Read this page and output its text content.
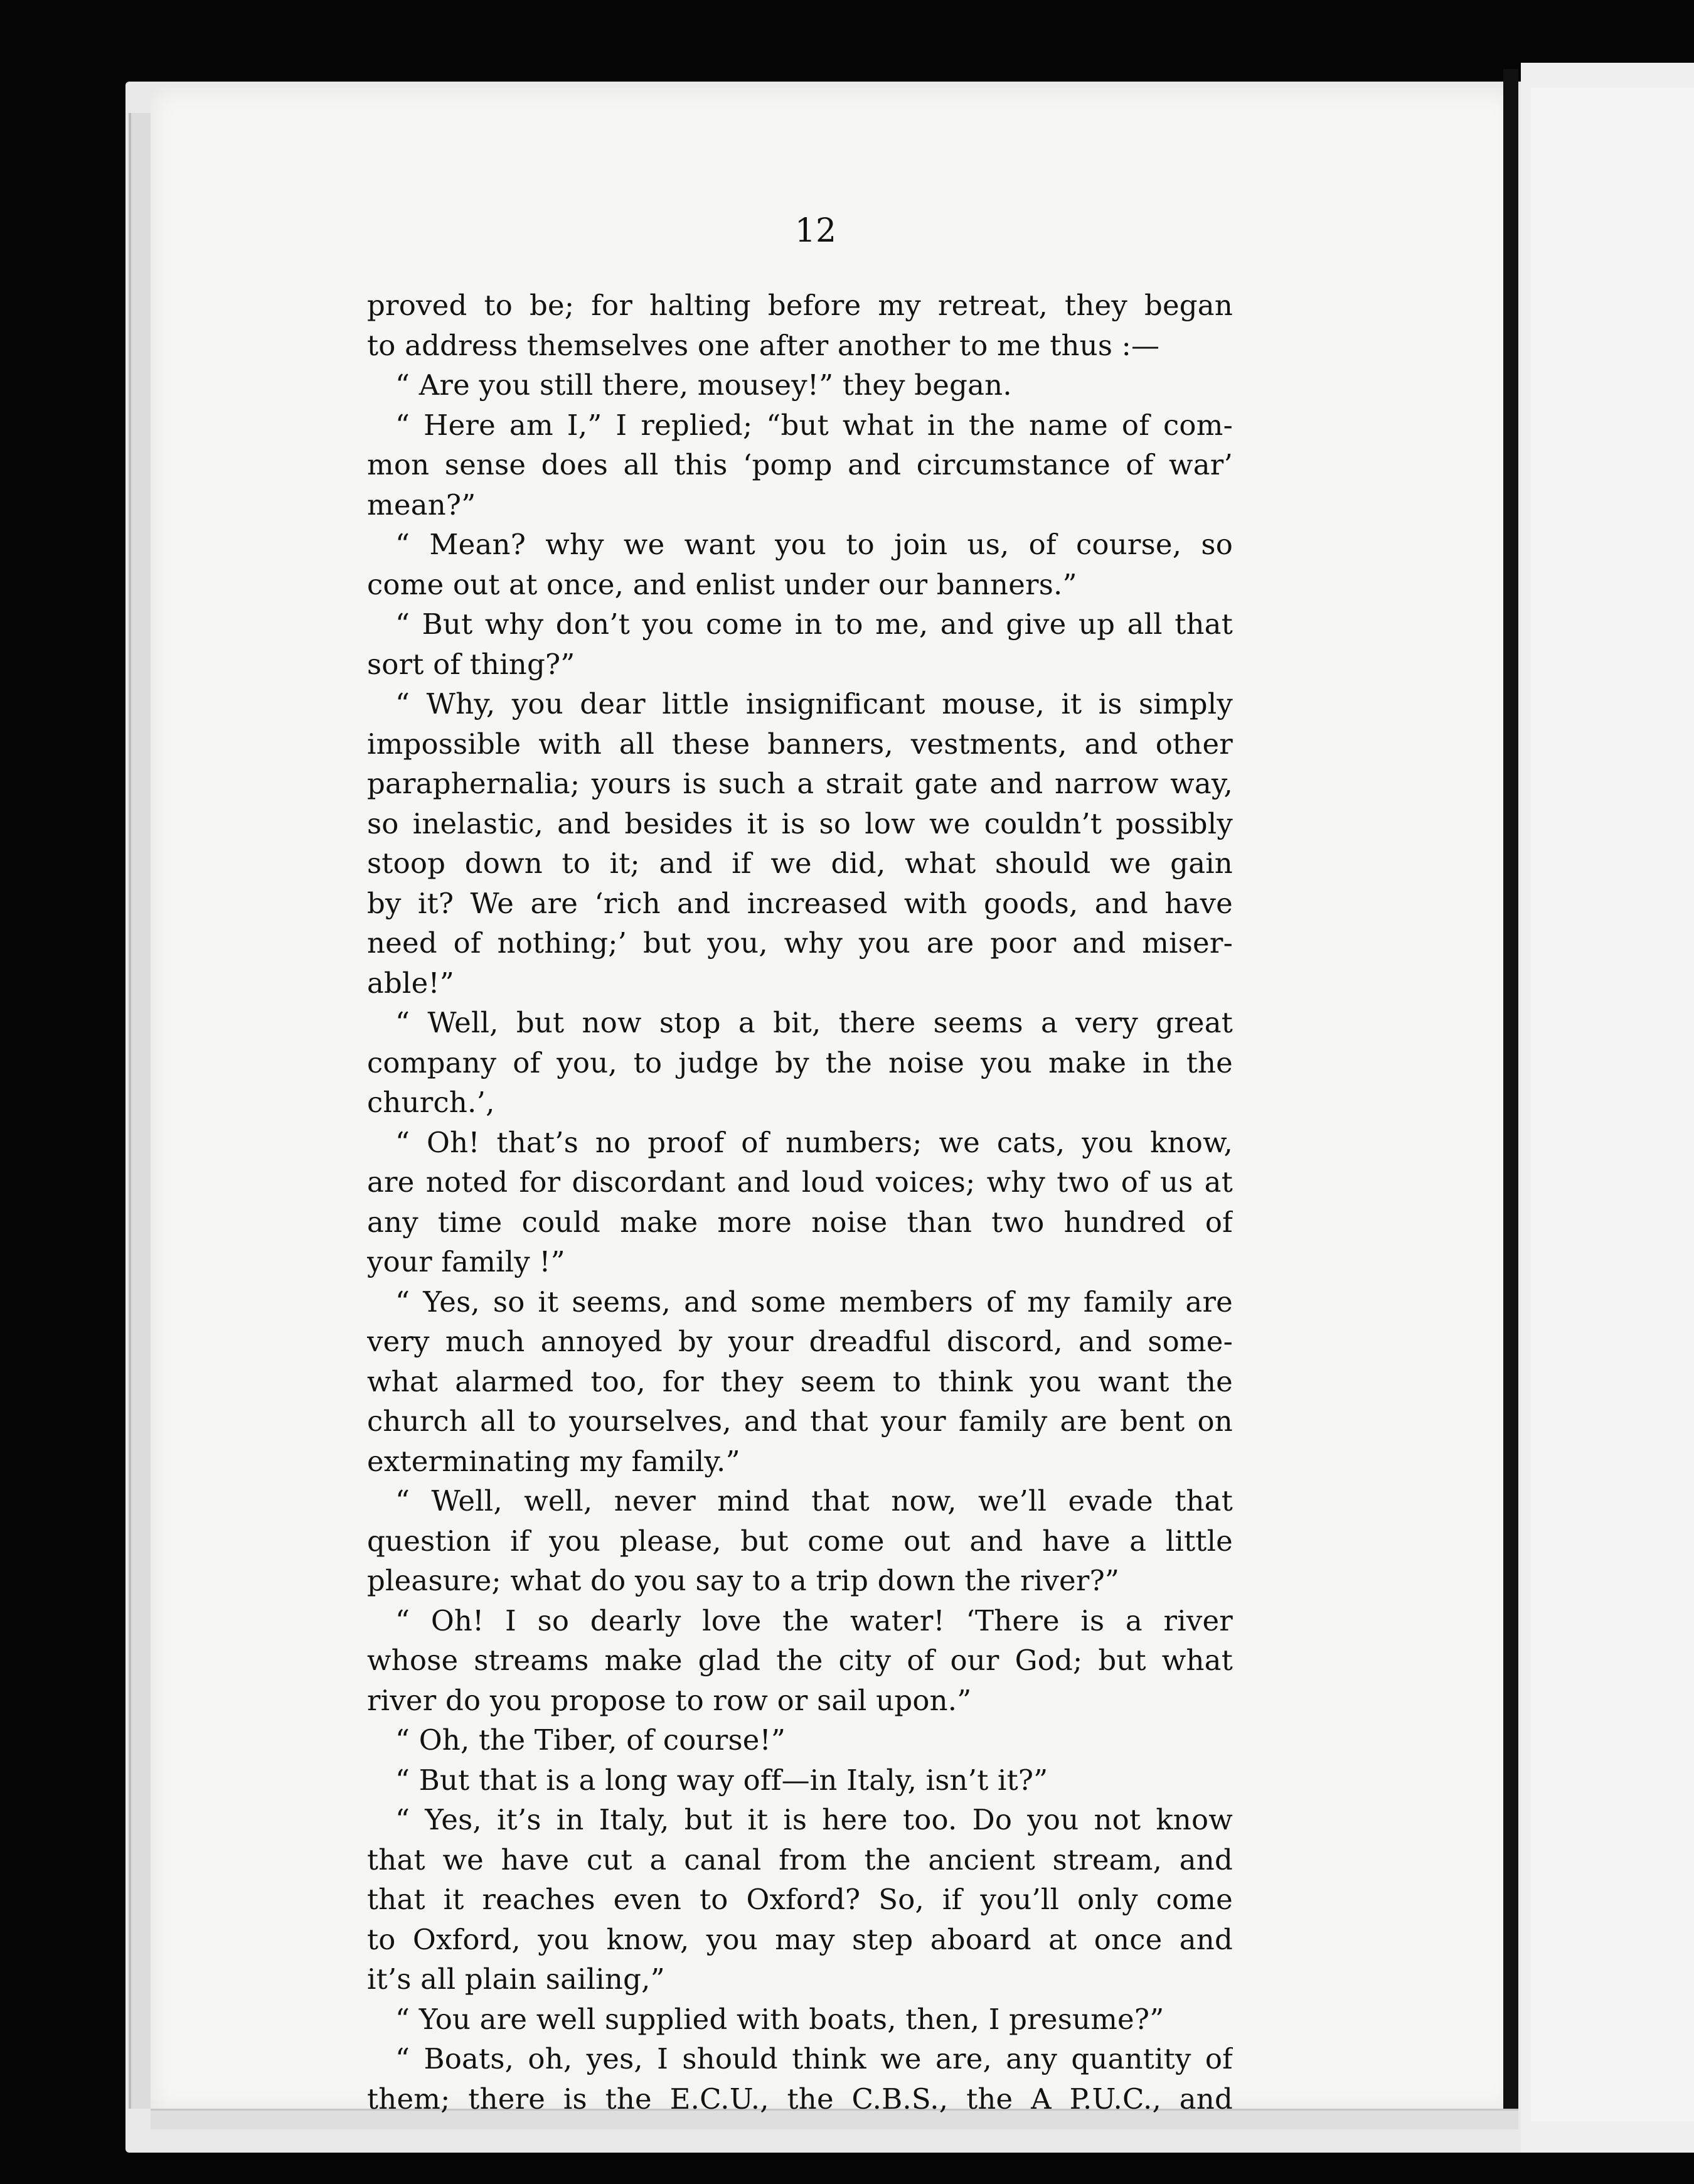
12
proved to be; for halting before my retreat, they began
to address themselves one after another to me thus :—
“ Are you still there, mousey!” they began.
“ Here am I,” I replied; “but what in the name of com-
mon sense does all this ‘pomp and circumstance of war’
mean?”
“ Mean? why we want you to join us, of course, so
come out at once, and enlist under our banners.”
“ But why don’t you come in to me, and give up all that
sort of thing?”
“ Why, you dear little insignificant mouse, it is simply
impossible with all these banners, vestments, and other
paraphernalia; yours is such a strait gate and narrow way,
so inelastic, and besides it is so low we couldn’t possibly
stoop down to it; and if we did, what should we gain
by it? We are ‘rich and increased with goods, and have
need of nothing;’ but you, why you are poor and miser-
able!”
“ Well, but now stop a bit, there seems a very great
company of you, to judge by the noise you make in the
church.’,
“ Oh! that’s no proof of numbers; we cats, you know,
are noted for discordant and loud voices; why two of us at
any time could make more noise than two hundred of
your family !”
“ Yes, so it seems, and some members of my family are
very much annoyed by your dreadful discord, and some-
what alarmed too, for they seem to think you want the
church all to yourselves, and that your family are bent on
exterminating my family.”
“ Well, well, never mind that now, we’ll evade that
question if you please, but come out and have a little
pleasure; what do you say to a trip down the river?”
“ Oh! I so dearly love the water! ‘There is a river
whose streams make glad the city of our God; but what
river do you propose to row or sail upon.”
“ Oh, the Tiber, of course!”
“ But that is a long way off—in Italy, isn’t it?”
“ Yes, it’s in Italy, but it is here too. Do you not know
that we have cut a canal from the ancient stream, and
that it reaches even to Oxford? So, if you’ll only come
to Oxford, you know, you may step aboard at once and
it’s all plain sailing,”
“ You are well supplied with boats, then, I presume?”
“ Boats, oh, yes, I should think we are, any quantity of
them; there is the E.C.U., the C.B.S., the A P.U.C., and
